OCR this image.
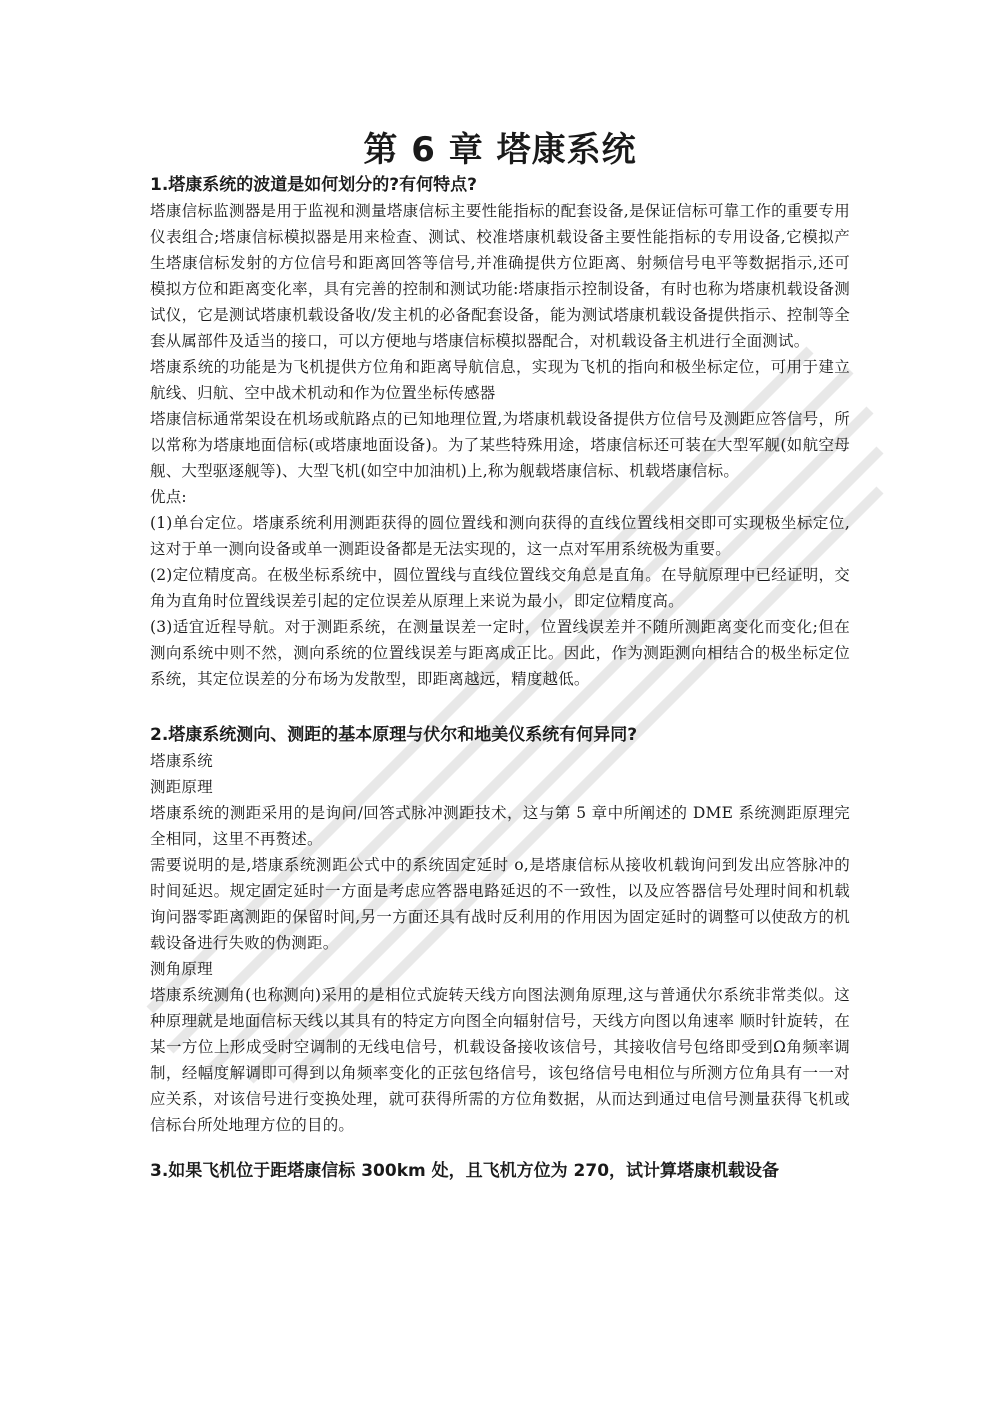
第 6 章 塔康系统

1.塔康系统的波道是如何划分的?有何特点?

塔康信标监测器是用于监视和测量塔康信标主要性能指标的配套设备,是保证信标可靠工作的重要专用仪表组合;塔康信标模拟器是用来检查、测试、校准塔康机载设备主要性能指标的专用设备,它模拟产生塔康信标发射的方位信号和距离回答等信号,并准确提供方位距离、射频信号电平等数据指示,还可模拟方位和距离变化率，具有完善的控制和测试功能:塔康指示控制设备，有时也称为塔康机载设备测试仪，它是测试塔康机载设备收/发主机的必备配套设备，能为测试塔康机载设备提供指示、控制等全套从属部件及适当的接口，可以方便地与塔康信标模拟器配合，对机载设备主机进行全面测试。

塔康系统的功能是为飞机提供方位角和距离导航信息，实现为飞机的指向和极坐标定位，可用于建立航线、归航、空中战术机动和作为位置坐标传感器

塔康信标通常架设在机场或航路点的已知地理位置,为塔康机载设备提供方位信号及测距应答信号，所以常称为塔康地面信标(或塔康地面设备)。为了某些特殊用途，塔康信标还可装在大型军舰(如航空母舰、大型驱逐舰等)、大型飞机(如空中加油机)上,称为舰载塔康信标、机载塔康信标。

优点:

(1)单台定位。塔康系统利用测距获得的圆位置线和测向获得的直线位置线相交即可实现极坐标定位,这对于单一测向设备或单一测距设备都是无法实现的，这一点对军用系统极为重要。

(2)定位精度高。在极坐标系统中，圆位置线与直线位置线交角总是直角。在导航原理中已经证明，交角为直角时位置线误差引起的定位误差从原理上来说为最小，即定位精度高。

(3)适宜近程导航。对于测距系统，在测量误差一定时，位置线误差并不随所测距离变化而变化;但在测向系统中则不然，测向系统的位置线误差与距离成正比。因此，作为测距测向相结合的极坐标定位系统，其定位误差的分布场为发散型，即距离越远，精度越低。

2.塔康系统测向、测距的基本原理与伏尔和地美仪系统有何异同?

塔康系统

测距原理

塔康系统的测距采用的是询问/回答式脉冲测距技术，这与第 5 章中所阐述的 DME 系统测距原理完全相同，这里不再赘述。

需要说明的是,塔康系统测距公式中的系统固定延时 o,是塔康信标从接收机载询问到发出应答脉冲的时间延迟。规定固定延时一方面是考虑应答器电路延迟的不一致性，以及应答器信号处理时间和机载询问器零距离测距的保留时间,另一方面还具有战时反利用的作用因为固定延时的调整可以使敌方的机载设备进行失败的伪测距。

测角原理

塔康系统测角(也称测向)采用的是相位式旋转天线方向图法测角原理,这与普通伏尔系统非常类似。这种原理就是地面信标天线以其具有的特定方向图全向辐射信号，天线方向图以角速率 顺时针旋转，在某一方位上形成受时空调制的无线电信号，机载设备接收该信号，其接收信号包络即受到Ω角频率调制，经幅度解调即可得到以角频率变化的正弦包络信号，该包络信号电相位与所测方位角具有一一对应关系，对该信号进行变换处理，就可获得所需的方位角数据，从而达到通过电信号测量获得飞机或信标台所处地理方位的目的。

3.如果飞机位于距塔康信标 300km 处，且飞机方位为 270，试计算塔康机载设备
